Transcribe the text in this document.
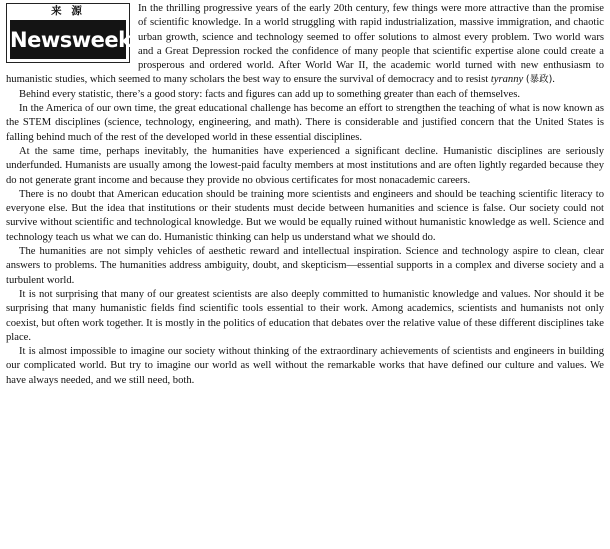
来 源
Newsweek

In the thrilling progressive years of the early 20th century, few things were more attractive than the promise of scientific knowledge. In a world struggling with rapid industrialization, massive immigration, and chaotic urban growth, science and technology seemed to offer solutions to almost every problem. Two world wars and a Great Depression rocked the confidence of many people that scientific expertise alone could create a prosperous and ordered world. After World War II, the academic world turned with new enthusiasm to humanistic studies, which seemed to many scholars the best way to ensure the survival of democracy and to resist tyranny (暴政).

Behind every statistic, there’s a good story: facts and figures can add up to something greater than each of themselves.

In the America of our own time, the great educational challenge has become an effort to strengthen the teaching of what is now known as the STEM disciplines (science, technology, engineering, and math). There is considerable and justified concern that the United States is falling behind much of the rest of the developed world in these essential disciplines.

At the same time, perhaps inevitably, the humanities have experienced a significant decline. Humanistic disciplines are seriously underfunded. Humanists are usually among the lowest-paid faculty members at most institutions and are often lightly regarded because they do not generate grant income and because they provide no obvious certificates for most nonacademic careers.

There is no doubt that American education should be training more scientists and engineers and should be teaching scientific literacy to everyone else. But the idea that institutions or their students must decide between humanities and science is false. Our society could not survive without scientific and technological knowledge. But we would be equally ruined without humanistic knowledge as well. Science and technology teach us what we can do. Humanistic thinking can help us understand what we should do.

The humanities are not simply vehicles of aesthetic reward and intellectual inspiration. Science and technology aspire to clean, clear answers to problems. The humanities address ambiguity, doubt, and skepticism—essential supports in a complex and diverse society and a turbulent world.

It is not surprising that many of our greatest scientists are also deeply committed to humanistic knowledge and values. Nor should it be surprising that many humanistic fields find scientific tools essential to their work. Among academics, scientists and humanists not only coexist, but often work together. It is mostly in the politics of education that debates over the relative value of these different disciplines take place.

It is almost impossible to imagine our society without thinking of the extraordinary achievements of scientists and engineers in building our complicated world. But try to imagine our world as well without the remarkable works that have defined our culture and values. We have always needed, and we still need, both.
